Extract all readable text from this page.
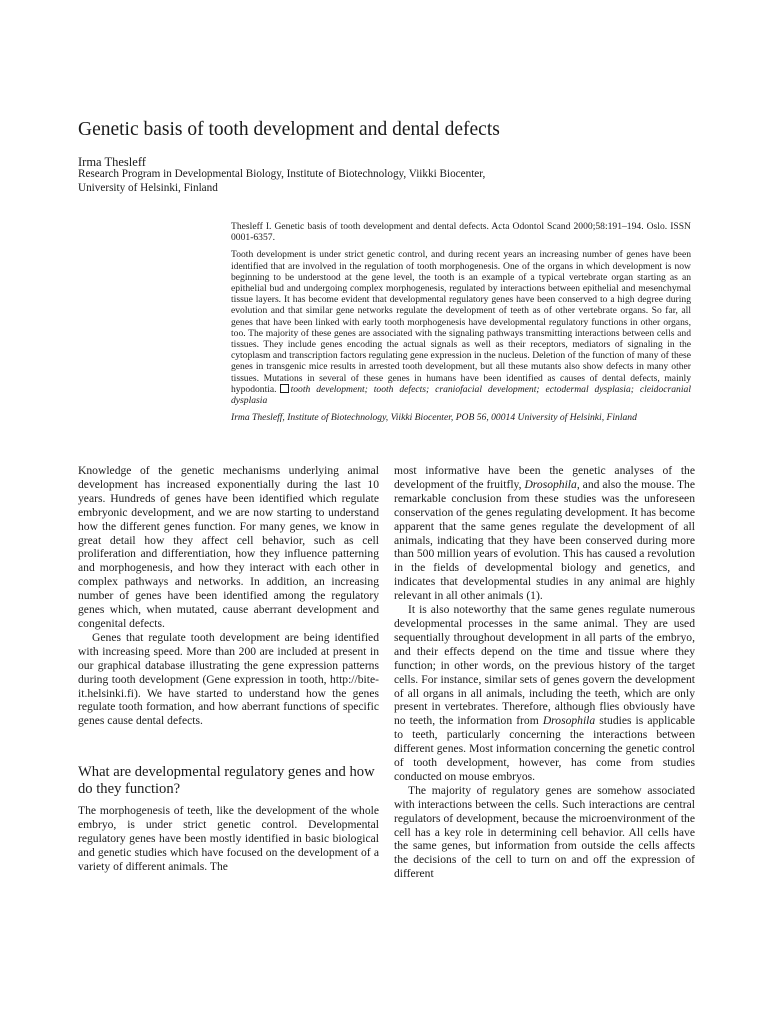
Genetic basis of tooth development and dental defects
Irma Thesleff
Research Program in Developmental Biology, Institute of Biotechnology, Viikki Biocenter,
University of Helsinki, Finland

Thesleff I. Genetic basis of tooth development and dental defects. Acta Odontol Scand 2000;58:191–194. Oslo. ISSN 0001-6357.

Tooth development is under strict genetic control, and during recent years an increasing number of genes have been identified that are involved in the regulation of tooth morphogenesis. One of the organs in which development is now beginning to be understood at the gene level, the tooth is an example of a typical vertebrate organ starting as an epithelial bud and undergoing complex morphogenesis, regulated by interactions between epithelial and mesenchymal tissue layers. It has become evident that developmental regulatory genes have been conserved to a high degree during evolution and that similar gene networks regulate the development of teeth as of other vertebrate organs. So far, all genes that have been linked with early tooth morphogenesis have developmental regulatory functions in other organs, too. The majority of these genes are associated with the signaling pathways transmitting interactions between cells and tissues. They include genes encoding the actual signals as well as their receptors, mediators of signaling in the cytoplasm and transcription factors regulating gene expression in the nucleus. Deletion of the function of many of these genes in transgenic mice results in arrested tooth development, but all these mutants also show defects in many other tissues. Mutations in several of these genes in humans have been identified as causes of dental defects, mainly hypodontia. tooth development; tooth defects; craniofacial development; ectodermal dysplasia; cleidocranial dysplasia

Irma Thesleff, Institute of Biotechnology, Viikki Biocenter, POB 56, 00014 University of Helsinki, Finland

Knowledge of the genetic mechanisms underlying animal development has increased exponentially during the last 10 years. Hundreds of genes have been identified which regulate embryonic development, and we are now starting to understand how the different genes function. For many genes, we know in great detail how they affect cell behavior, such as cell proliferation and differentiation, how they influence patterning and morphogenesis, and how they interact with each other in complex pathways and networks. In addition, an increasing number of genes have been identified among the regulatory genes which, when mutated, cause aberrant development and congenital defects.

Genes that regulate tooth development are being identified with increasing speed. More than 200 are included at present in our graphical database illustrating the gene expression patterns during tooth development (Gene expression in tooth, http://bite-it.helsinki.fi). We have started to understand how the genes regulate tooth formation, and how aberrant functions of specific genes cause dental defects.

What are developmental regulatory genes and how do they function?

The morphogenesis of teeth, like the development of the whole embryo, is under strict genetic control. Developmental regulatory genes have been mostly identified in basic biological and genetic studies which have focused on the development of a variety of different animals. The

most informative have been the genetic analyses of the development of the fruitfly, Drosophila, and also the mouse. The remarkable conclusion from these studies was the unforeseen conservation of the genes regulating development. It has become apparent that the same genes regulate the development of all animals, indicating that they have been conserved during more than 500 million years of evolution. This has caused a revolution in the fields of developmental biology and genetics, and indicates that developmental studies in any animal are highly relevant in all other animals (1).

It is also noteworthy that the same genes regulate numerous developmental processes in the same animal. They are used sequentially throughout development in all parts of the embryo, and their effects depend on the time and tissue where they function; in other words, on the previous history of the target cells. For instance, similar sets of genes govern the development of all organs in all animals, including the teeth, which are only present in vertebrates. Therefore, although flies obviously have no teeth, the information from Drosophila studies is applicable to teeth, particularly concerning the interactions between different genes. Most information concerning the genetic control of tooth development, however, has come from studies conducted on mouse embryos.

The majority of regulatory genes are somehow associated with interactions between the cells. Such interactions are central regulators of development, because the microenvironment of the cell has a key role in determining cell behavior. All cells have the same genes, but information from outside the cells affects the decisions of the cell to turn on and off the expression of different
